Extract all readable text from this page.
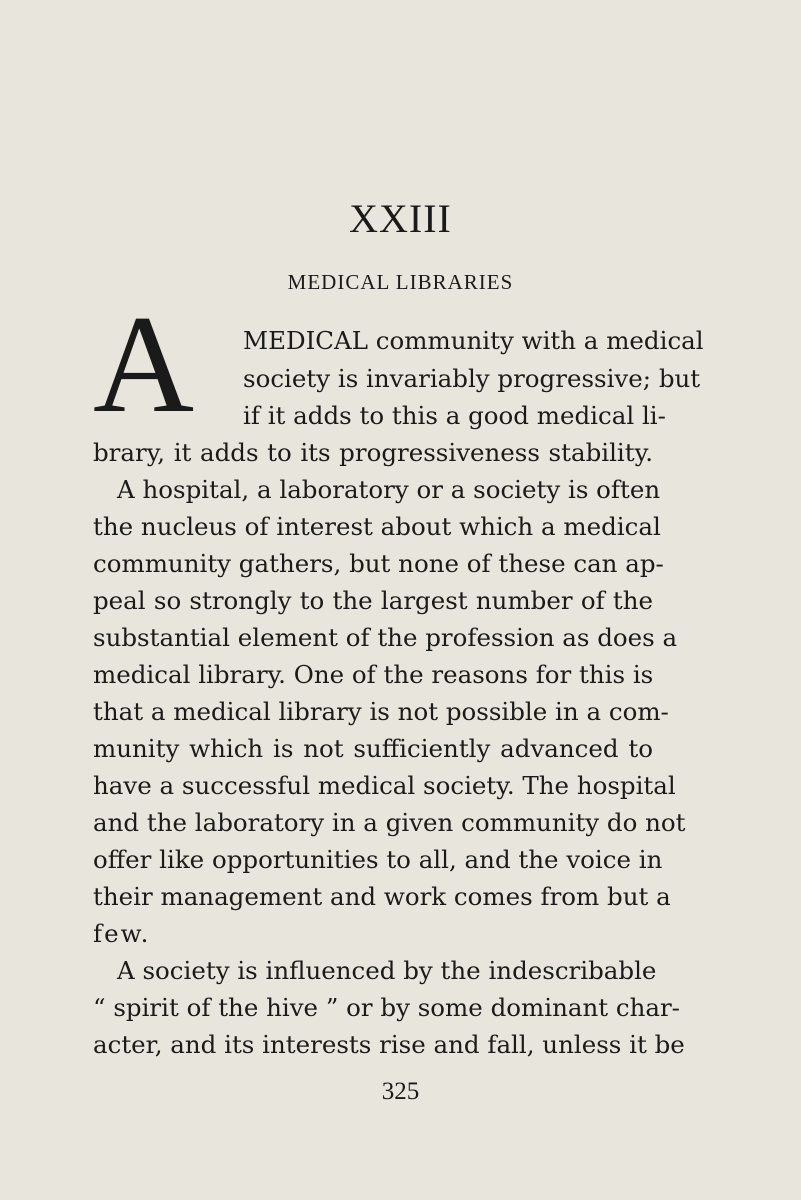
XXIII
MEDICAL LIBRARIES
A MEDICAL community with a medical
society is invariably progressive; but
if it adds to this a good medical li-
brary, it adds to its progressiveness stability.
A hospital, a laboratory or a society is often
the nucleus of interest about which a medical
community gathers, but none of these can ap-
peal so strongly to the largest number of the
substantial element of the profession as does a
medical library. One of the reasons for this is
that a medical library is not possible in a com-
munity which is not sufficiently advanced to
have a successful medical society. The hospital
and the laboratory in a given community do not
offer like opportunities to all, and the voice in
their management and work comes from but a
few.
A society is influenced by the indescribable
“ spirit of the hive ” or by some dominant char-
acter, and its interests rise and fall, unless it be
325
